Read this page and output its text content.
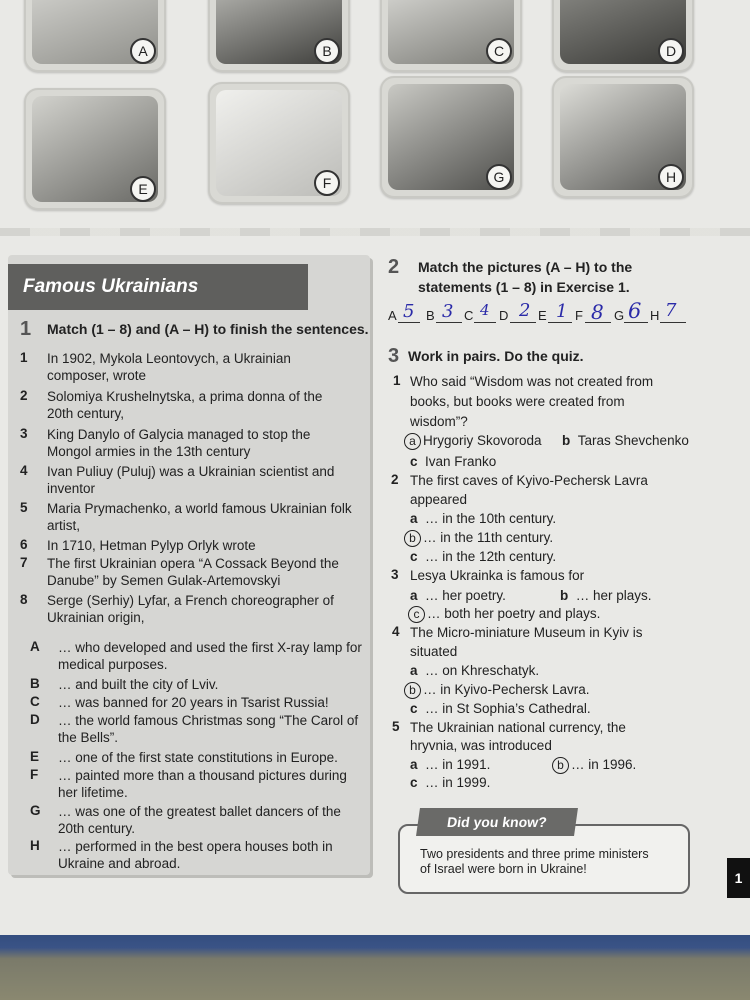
A	B	C	D
E	F	G	H
Famous Ukrainians
1 Match (1 – 8) and (A – H) to finish the sentences.
1 In 1902, Mykola Leontovych, a Ukrainian composer, wrote
2 Solomiya Krushelnytska, a prima donna of the 20th century,
3 King Danylo of Galycia managed to stop the Mongol armies in the 13th century
4 Ivan Puliuy (Puluj) was a Ukrainian scientist and inventor
5 Maria Prymachenko, a world famous Ukrainian folk artist,
6 In 1710, Hetman Pylyp Orlyk wrote
7 The first Ukrainian opera “A Cossack Beyond the Danube” by Semen Gulak-Artemovskyi
8 Serge (Serhiy) Lyfar, a French choreographer of Ukrainian origin,
A … who developed and used the first X-ray lamp for medical purposes.
B … and built the city of Lviv.
C … was banned for 20 years in Tsarist Russia!
D … the world famous Christmas song “The Carol of the Bells”.
E … one of the first state constitutions in Europe.
F … painted more than a thousand pictures during her lifetime.
G … was one of the greatest ballet dancers of the 20th century.
H … performed in the best opera houses both in Ukraine and abroad.
2 Match the pictures (A – H) to the
statements (1 – 8) in Exercise 1.
A 5 B 3 C 4 D 2 E 1 F 8 G 6 H 7
3 Work in pairs. Do the quiz.
1 Who said “Wisdom was not created from
books, but books were created from
wisdom”?
a Hrygoriy Skovoroda b Taras Shevchenko
c Ivan Franko
2 The first caves of Kyivo-Pechersk Lavra
appeared
a … in the 10th century.
b … in the 11th century.
c … in the 12th century.
3 Lesya Ukrainka is famous for
a … her poetry.	b … her plays.
c … both her poetry and plays.
4 The Micro-miniature Museum in Kyiv is
situated
a … on Khreschatyk.
b … in Kyivo-Pechersk Lavra.
c … in St Sophia’s Cathedral.
5 The Ukrainian national currency, the
hryvnia, was introduced
a … in 1991.	b … in 1996.
c … in 1999.
Did you know?
Two presidents and three prime ministers
of Israel were born in Ukraine!
1
